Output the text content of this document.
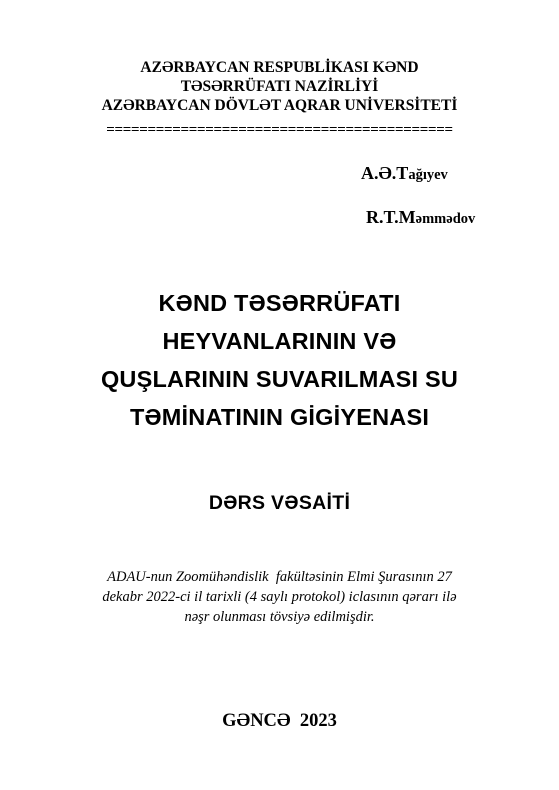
AZƏRBAYCAN RESPUBLİKASI KƏND
TƏSƏRRÜFATI NAZİRLİYİ
AZƏRBAYCAN DÖVLƏT AQRAR UNİVERSİTETİ
==========================================
A.Ə.Tağıyev
R.T.Məmmədov
KƏND TƏSƏRRÜFATI
HEYVANLARININ VƏ
QUŞLARININ SUVARILMASI SU
TƏMİNATININ GİGİYENASI
DƏRS VƏSAİTİ
ADAU-nun Zoomühəndislik  fakültəsinin Elmi Şurasının 27
dekabr 2022-ci il tarixli (4 saylı protokol) iclasının qərarı ilə
nəşr olunması tövsiyə edilmişdir.
GƏNCƏ  2023
